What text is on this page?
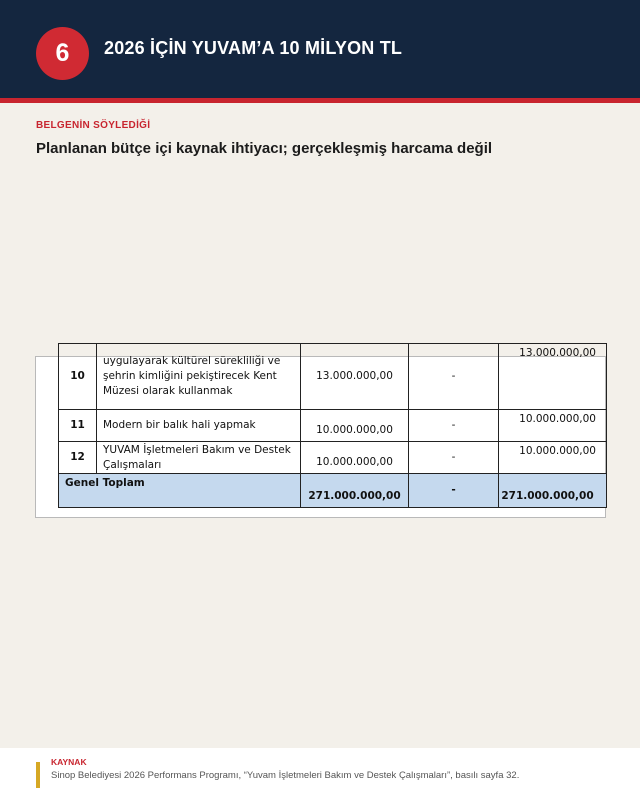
6	2026 İÇİN YUVAM’A 10 MİLYON TL
BELGENİN SÖYLEDİĞİ
Planlanan bütçe içi kaynak ihtiyacı; gerçekleşmiş harcama değil
10	uygulayarak kültürel sürekliliği ve şehrin kimliğini pekiştirecek Kent Müzesi olarak kullanmak	13.000.000,00	-	13.000.000,00
11	Modern bir balık hali yapmak	10.000.000,00	-	10.000.000,00
12	YUVAM İşletmeleri Bakım ve Destek Çalışmaları	10.000.000,00	-	10.000.000,00
Genel Toplam		271.000.000,00	-	271.000.000,00
KAYNAK
Sinop Belediyesi 2026 Performans Programı, “Yuvam İşletmeleri Bakım ve Destek Çalışmaları”, basılı sayfa 32.
